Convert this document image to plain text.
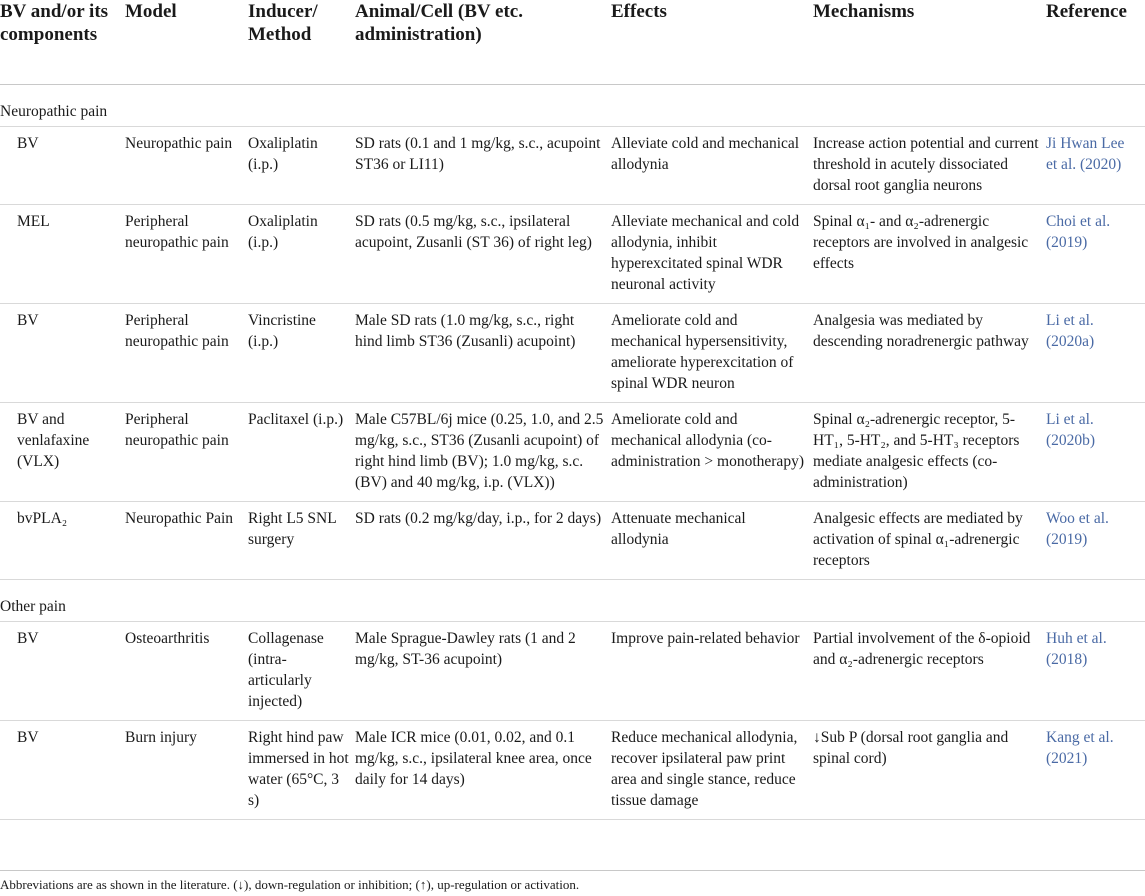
BV and/or its components	Model	Inducer/ Method	Animal/Cell (BV etc. administration)	Effects	Mechanisms	Reference
Neuropathic pain						
BV	Neuropathic pain	Oxaliplatin (i.p.)	SD rats (0.1 and 1 mg/kg, s.c., acupoint ST36 or LI11)	Alleviate cold and mechanical allodynia	Increase action potential and current threshold in acutely dissociated dorsal root ganglia neurons	Ji Hwan Lee et al. (2020)
MEL	Peripheral neuropathic pain	Oxaliplatin (i.p.)	SD rats (0.5 mg/kg, s.c., ipsilateral acupoint, Zusanli (ST 36) of right leg)	Alleviate mechanical and cold allodynia, inhibit hyperexcitated spinal WDR neuronal activity	Spinal α₁- and α₂-adrenergic receptors are involved in analgesic effects	Choi et al. (2019)
BV	Peripheral neuropathic pain	Vincristine (i.p.)	Male SD rats (1.0 mg/kg, s.c., right hind limb ST36 (Zusanli) acupoint)	Ameliorate cold and mechanical hypersensitivity, ameliorate hyperexcitation of spinal WDR neuron	Analgesia was mediated by descending noradrenergic pathway	Li et al. (2020a)
BV and venlafaxine (VLX)	Peripheral neuropathic pain	Paclitaxel (i.p.)	Male C57BL/6j mice (0.25, 1.0, and 2.5 mg/kg, s.c., ST36 (Zusanli acupoint) of right hind limb (BV); 1.0 mg/kg, s.c. (BV) and 40 mg/kg, i.p. (VLX))	Ameliorate cold and mechanical allodynia (co-administration > monotherapy)	Spinal α₂-adrenergic receptor, 5-HT₁, 5-HT₂, and 5-HT₃ receptors mediate analgesic effects (co-administration)	Li et al. (2020b)
bvPLA₂	Neuropathic Pain	Right L5 SNL surgery	SD rats (0.2 mg/kg/day, i.p., for 2 days)	Attenuate mechanical allodynia	Analgesic effects are mediated by activation of spinal α₁-adrenergic receptors	Woo et al. (2019)
Other pain						
BV	Osteoarthritis	Collagenase (intra-articularly injected)	Male Sprague-Dawley rats (1 and 2 mg/kg, ST-36 acupoint)	Improve pain-related behavior	Partial involvement of the δ-opioid and α₂-adrenergic receptors	Huh et al. (2018)
BV	Burn injury	Right hind paw immersed in hot water (65°C, 3 s)	Male ICR mice (0.01, 0.02, and 0.1 mg/kg, s.c., ipsilateral knee area, once daily for 14 days)	Reduce mechanical allodynia, recover ipsilateral paw print area and single stance, reduce tissue damage	↓Sub P (dorsal root ganglia and spinal cord)	Kang et al. (2021)
Abbreviations are as shown in the literature. (↓), down-regulation or inhibition; (↑), up-regulation or activation.
